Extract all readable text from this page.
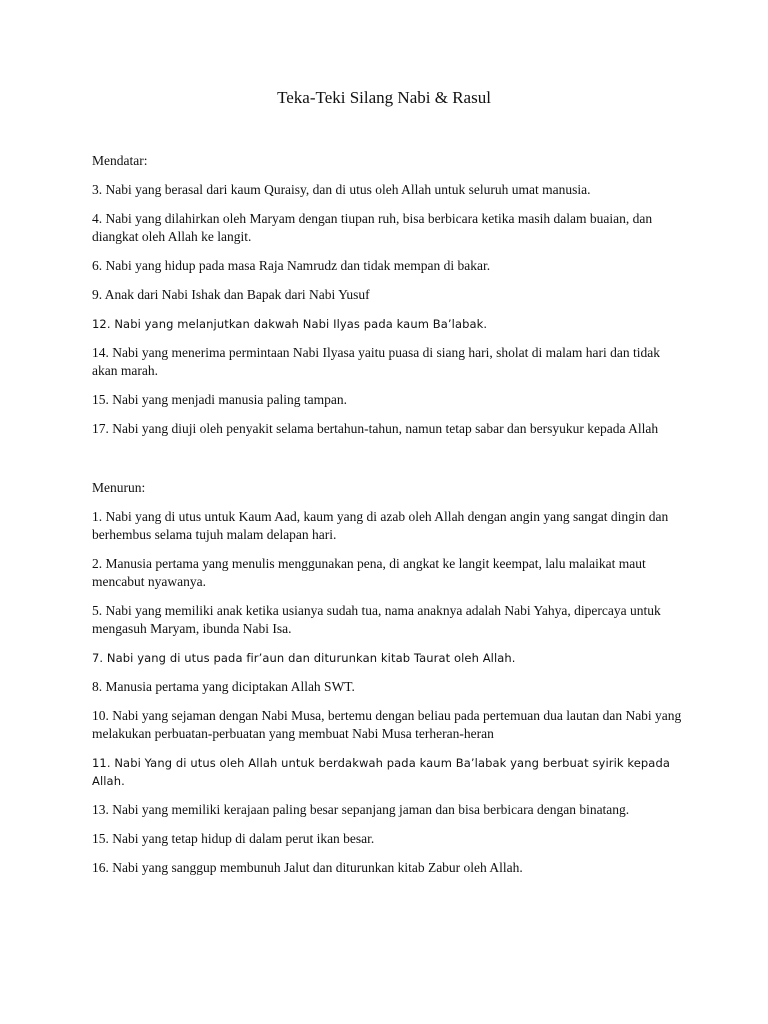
Teka-Teki Silang Nabi & Rasul

Mendatar:

3. Nabi yang berasal dari kaum Quraisy, dan di utus oleh Allah untuk seluruh umat manusia.

4. Nabi yang dilahirkan oleh Maryam dengan tiupan ruh, bisa berbicara ketika masih dalam buaian, dan diangkat oleh Allah ke langit.

6. Nabi yang hidup pada masa Raja Namrudz dan tidak mempan di bakar.

9. Anak dari Nabi Ishak dan Bapak dari Nabi Yusuf

12. Nabi yang melanjutkan dakwah Nabi Ilyas pada kaum Ba’labak.

14. Nabi yang menerima permintaan Nabi Ilyasa yaitu puasa di siang hari, sholat di malam hari dan tidak akan marah.

15. Nabi yang menjadi manusia paling tampan.

17. Nabi yang diuji oleh penyakit selama bertahun-tahun, namun tetap sabar dan bersyukur kepada Allah

Menurun:

1. Nabi yang di utus untuk Kaum Aad, kaum yang di azab oleh Allah dengan angin yang sangat dingin dan berhembus selama tujuh malam delapan hari.

2. Manusia pertama yang menulis menggunakan pena, di angkat ke langit keempat, lalu malaikat maut mencabut nyawanya.

5. Nabi yang memiliki anak ketika usianya sudah tua, nama anaknya adalah Nabi Yahya, dipercaya untuk mengasuh Maryam, ibunda Nabi Isa.

7. Nabi yang di utus pada fir’aun dan diturunkan kitab Taurat oleh Allah.

8. Manusia pertama yang diciptakan Allah SWT.

10. Nabi yang sejaman dengan Nabi Musa, bertemu dengan beliau pada pertemuan dua lautan dan Nabi yang melakukan perbuatan-perbuatan yang membuat Nabi Musa terheran-heran

11. Nabi Yang di utus oleh Allah untuk berdakwah pada kaum Ba’labak yang berbuat syirik kepada Allah.

13. Nabi yang memiliki kerajaan paling besar sepanjang jaman dan bisa berbicara dengan binatang.

15. Nabi yang tetap hidup di dalam perut ikan besar.

16. Nabi yang sanggup membunuh Jalut dan diturunkan kitab Zabur oleh Allah.
